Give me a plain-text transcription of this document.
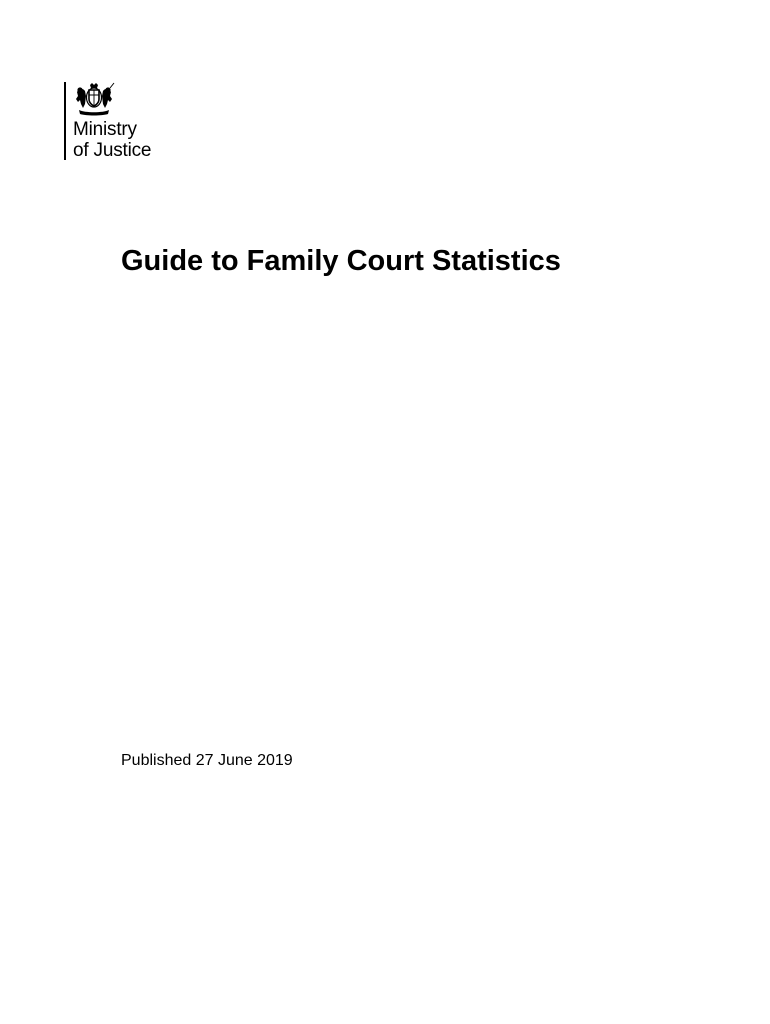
Ministry
of Justice
Guide to Family Court Statistics

Published 27 June 2019
